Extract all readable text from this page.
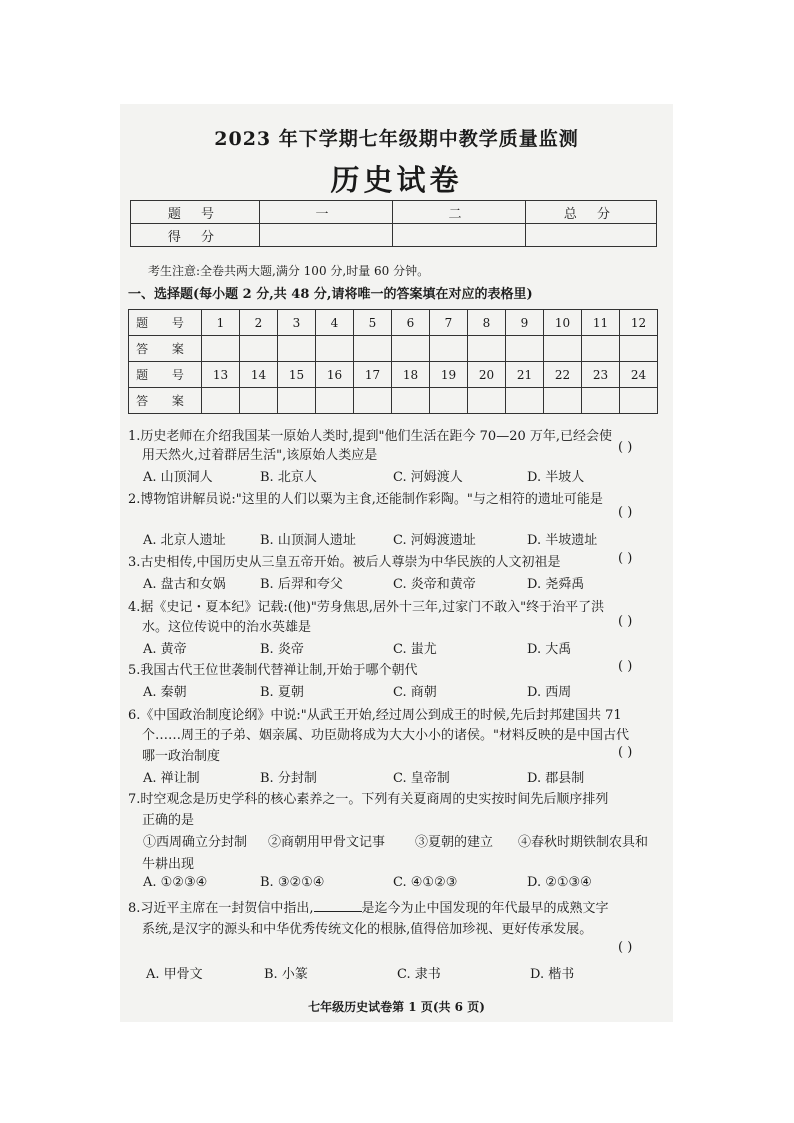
2023 年下学期七年级期中教学质量监测
历史试卷
题 号	一	二	总 分
得 分			
考生注意:全卷共两大题,满分 100 分,时量 60 分钟。
一、选择题(每小题 2 分,共 48 分,请将唯一的答案填在对应的表格里)
题 号	1	2	3	4	5	6	7	8	9	10	11	12
答 案												
题 号	13	14	15	16	17	18	19	20	21	22	23	24
答 案												
1.历史老师在介绍我国某一原始人类时,提到"他们生活在距今 70—20 万年,已经会使
用天然火,过着群居生活",该原始人类应是
( )
A. 山顶洞人	B. 北京人	C. 河姆渡人	D. 半坡人
2.博物馆讲解员说:"这里的人们以粟为主食,还能制作彩陶。"与之相符的遗址可能是
( )
A. 北京人遗址	B. 山顶洞人遗址	C. 河姆渡遗址	D. 半坡遗址
3.古史相传,中国历史从三皇五帝开始。被后人尊崇为中华民族的人文初祖是	( )
A. 盘古和女娲	B. 后羿和夸父	C. 炎帝和黄帝	D. 尧舜禹
4.据《史记・夏本纪》记载:(他)"劳身焦思,居外十三年,过家门不敢入"终于治平了洪
水。这位传说中的治水英雄是	( )
A. 黄帝	B. 炎帝	C. 蚩尤	D. 大禹
5.我国古代王位世袭制代替禅让制,开始于哪个朝代	( )
A. 秦朝	B. 夏朝	C. 商朝	D. 西周
6.《中国政治制度论纲》中说:"从武王开始,经过周公到成王的时候,先后封邦建国共 71
个……周王的子弟、姻亲属、功臣勋将成为大大小小的诸侯。"材料反映的是中国古代
哪一政治制度	( )
A. 禅让制	B. 分封制	C. 皇帝制	D. 郡县制
7.时空观念是历史学科的核心素养之一。下列有关夏商周的史实按时间先后顺序排列
正确的是
①西周确立分封制 ②商朝用甲骨文记事 ③夏朝的建立 ④春秋时期铁制农具和
牛耕出现
A. ①②③④	B. ③②①④	C. ④①②③	D. ②①③④
8.习近平主席在一封贺信中指出,	是迄今为止中国发现的年代最早的成熟文字
系统,是汉字的源头和中华优秀传统文化的根脉,值得倍加珍视、更好传承发展。
( )
A. 甲骨文	B. 小篆	C. 隶书	D. 楷书
七年级历史试卷第 1 页(共 6 页)
